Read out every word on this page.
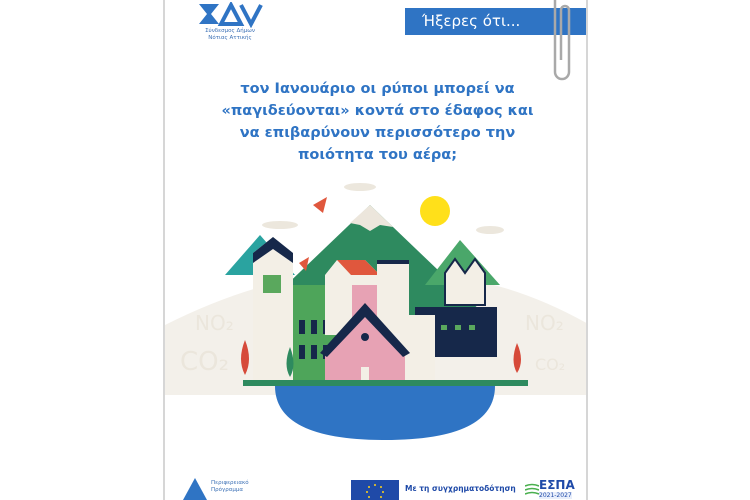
Σύνδεσμος Δήμων
Νότιας Αττικής
Ήξερες ότι...
τον Ιανουάριο οι ρύποι μπορεί να
«παγιδεύονται» κοντά στο έδαφος και
να επιβαρύνουν περισσότερο την
ποιότητα του αέρα;
NO₂
CO₂
NO₂
CO₂
Περιφερειακό
Πρόγραμμα	Με τη συγχρηματοδότηση ΕΣΠΑ
2021-2027
